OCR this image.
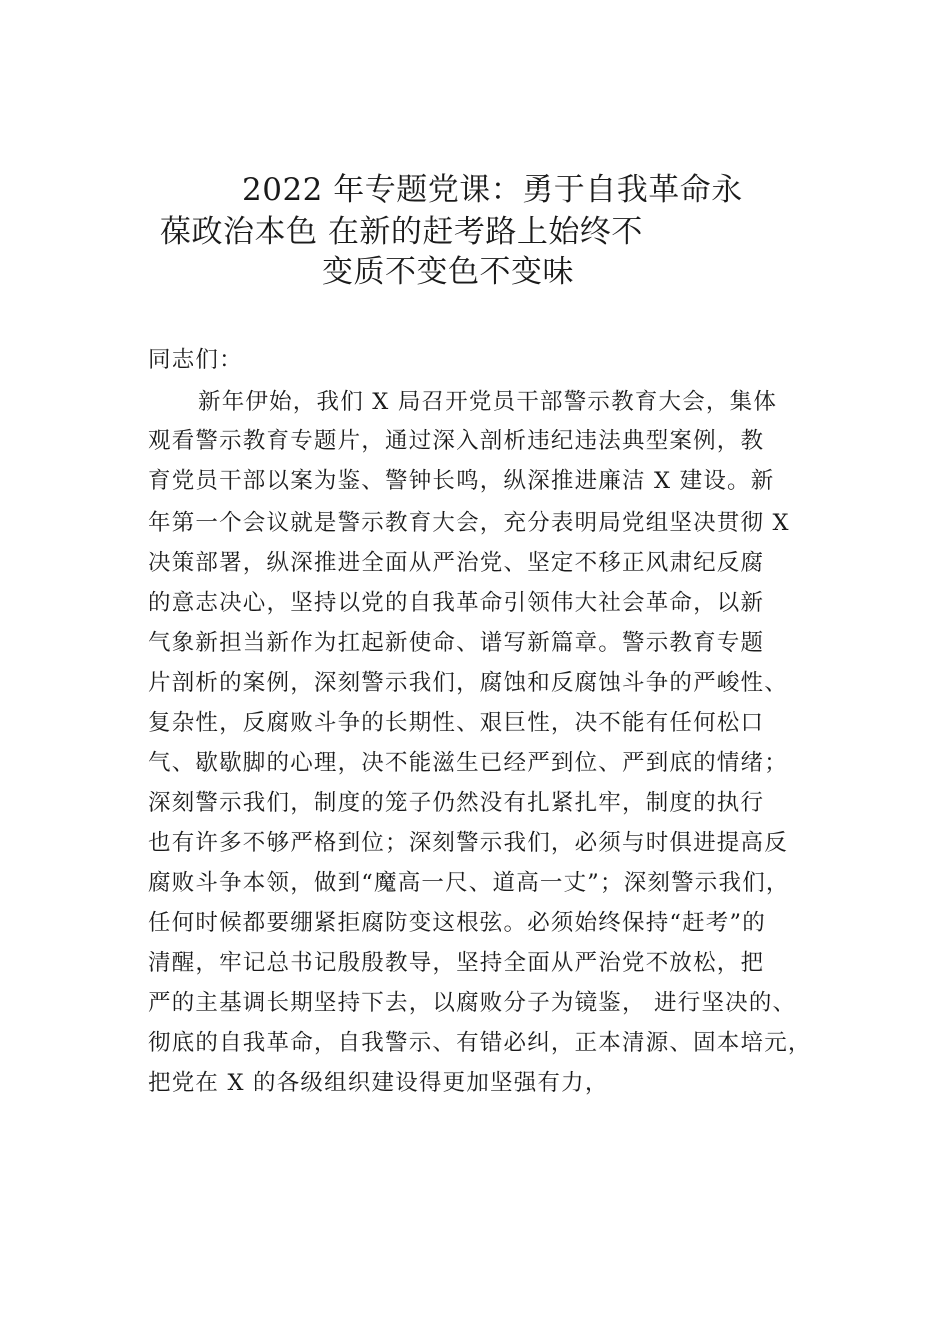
2022 年专题党课：勇于自我革命永
葆政治本色 在新的赶考路上始终不
变质不变色不变味
同志们：
新年伊始，我们 X 局召开党员干部警示教育大会，集体
观看警示教育专题片，通过深入剖析违纪违法典型案例，教
育党员干部以案为鉴、警钟长鸣，纵深推进廉洁 X 建设。新
年第一个会议就是警示教育大会，充分表明局党组坚决贯彻 X
决策部署，纵深推进全面从严治党、坚定不移正风肃纪反腐
的意志决心，坚持以党的自我革命引领伟大社会革命，以新
气象新担当新作为扛起新使命、谱写新篇章。警示教育专题
片剖析的案例，深刻警示我们，腐蚀和反腐蚀斗争的严峻性、
复杂性，反腐败斗争的长期性、艰巨性，决不能有任何松口
气、歇歇脚的心理，决不能滋生已经严到位、严到底的情绪；
深刻警示我们，制度的笼子仍然没有扎紧扎牢，制度的执行
也有许多不够严格到位；深刻警示我们，必须与时俱进提高反
腐败斗争本领，做到“魔高一尺、道高一丈”；深刻警示我们，
任何时候都要绷紧拒腐防变这根弦。必须始终保持“赶考”的
清醒，牢记总书记殷殷教导，坚持全面从严治党不放松，把
严的主基调长期坚持下去，以腐败分子为镜鉴， 进行坚决的、
彻底的自我革命，自我警示、有错必纠，正本清源、固本培元，
把党在 X 的各级组织建设得更加坚强有力，
